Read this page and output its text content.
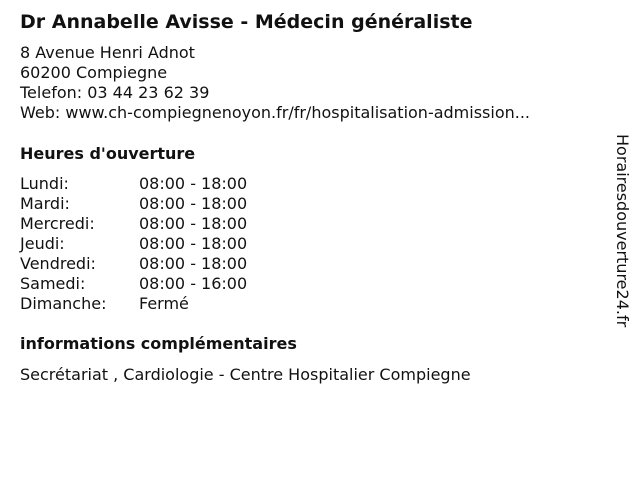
Dr Annabelle Avisse - Médecin généraliste
8 Avenue Henri Adnot
60200 Compiegne
Telefon: 03 44 23 62 39
Web: www.ch-compiegnenoyon.fr/fr/hospitalisation-admission...
Heures d'ouverture
Lundi:	08:00 - 18:00
Mardi:	08:00 - 18:00
Mercredi:	08:00 - 18:00
Jeudi:	08:00 - 18:00
Vendredi:	08:00 - 18:00
Samedi:	08:00 - 16:00
Dimanche:	Fermé
informations complémentaires
Secrétariat , Cardiologie - Centre Hospitalier Compiegne
Horairesdouverture24.fr
